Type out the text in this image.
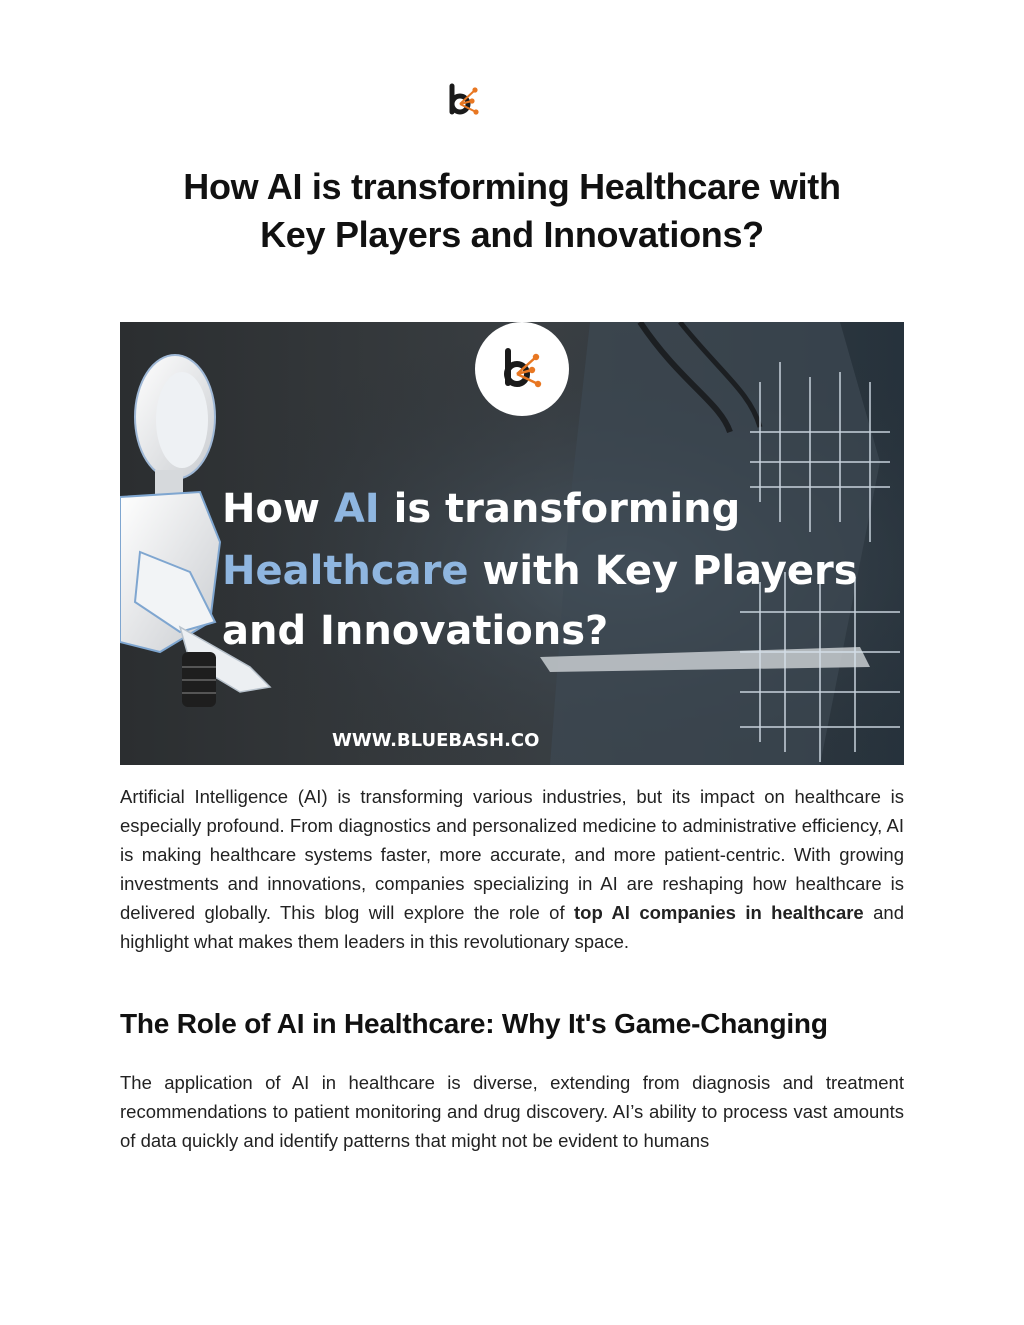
How AI is transforming Healthcare with
Key Players and Innovations?
How AI is transforming
Healthcare with Key Players
and Innovations?
WWW.BLUEBASH.CO

Artificial Intelligence (AI) is transforming various industries, but its impact on healthcare is especially profound. From diagnostics and personalized medicine to administrative efficiency, AI is making healthcare systems faster, more accurate, and more patient-centric. With growing investments and innovations, companies specializing in AI are reshaping how healthcare is delivered globally. This blog will explore the role of top AI companies in healthcare and highlight what makes them leaders in this revolutionary space.

The Role of AI in Healthcare: Why It's Game-Changing

The application of AI in healthcare is diverse, extending from diagnosis and treatment recommendations to patient monitoring and drug discovery. AI’s ability to process vast amounts of data quickly and identify patterns that might not be evident to humans
